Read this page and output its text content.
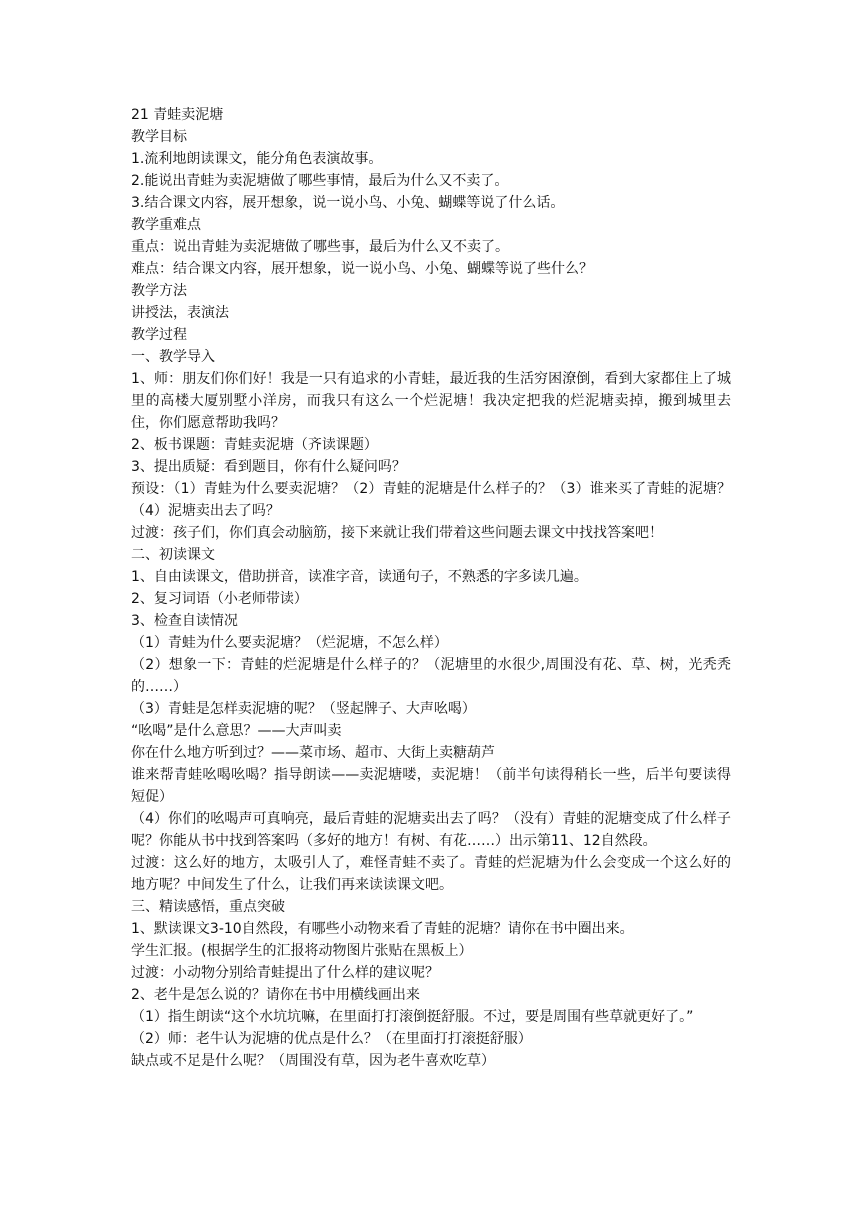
21 青蛙卖泥塘

教学目标

1.流利地朗读课文，能分角色表演故事。

2.能说出青蛙为卖泥塘做了哪些事情，最后为什么又不卖了。

3.结合课文内容，展开想象，说一说小鸟、小兔、蝴蝶等说了什么话。

教学重难点

重点：说出青蛙为卖泥塘做了哪些事，最后为什么又不卖了。

难点：结合课文内容，展开想象，说一说小鸟、小兔、蝴蝶等说了些什么？

教学方法

讲授法，表演法

教学过程

一、教学导入

1、师：朋友们你们好！我是一只有追求的小青蛙，最近我的生活穷困潦倒，看到大家都住上了城里的高楼大厦别墅小洋房，而我只有这么一个烂泥塘！我决定把我的烂泥塘卖掉，搬到城里去住，你们愿意帮助我吗？

2、板书课题：青蛙卖泥塘（齐读课题）

3、提出质疑：看到题目，你有什么疑问吗？

预设：（1）青蛙为什么要卖泥塘？（2）青蛙的泥塘是什么样子的？（3）谁来买了青蛙的泥塘？（4）泥塘卖出去了吗？

过渡：孩子们，你们真会动脑筋，接下来就让我们带着这些问题去课文中找找答案吧！

二、初读课文

1、自由读课文，借助拼音，读准字音，读通句子，不熟悉的字多读几遍。

2、复习词语（小老师带读）

3、检查自读情况

（1）青蛙为什么要卖泥塘？（烂泥塘，不怎么样）

（2）想象一下：青蛙的烂泥塘是什么样子的？（泥塘里的水很少,周围没有花、草、树，光秃秃的……）

（3）青蛙是怎样卖泥塘的呢？（竖起牌子、大声吆喝）

“吆喝”是什么意思？——大声叫卖

你在什么地方听到过？——菜市场、超市、大街上卖糖葫芦

谁来帮青蛙吆喝吆喝？指导朗读——卖泥塘喽，卖泥塘！（前半句读得稍长一些，后半句要读得短促）

（4）你们的吆喝声可真响亮，最后青蛙的泥塘卖出去了吗？（没有）青蛙的泥塘变成了什么样子呢？你能从书中找到答案吗（多好的地方！有树、有花……）出示第11、12自然段。

过渡：这么好的地方，太吸引人了，难怪青蛙不卖了。青蛙的烂泥塘为什么会变成一个这么好的地方呢？中间发生了什么，让我们再来读读课文吧。

三、精读感悟，重点突破

1、默读课文3-10自然段，有哪些小动物来看了青蛙的泥塘？请你在书中圈出来。

学生汇报。(根据学生的汇报将动物图片张贴在黑板上）

过渡：小动物分别给青蛙提出了什么样的建议呢？

2、老牛是怎么说的？请你在书中用横线画出来

（1）指生朗读“这个水坑坑嘛，在里面打打滚倒挺舒服。不过，要是周围有些草就更好了。”

（2）师：老牛认为泥塘的优点是什么？（在里面打打滚挺舒服）

缺点或不足是什么呢？（周围没有草，因为老牛喜欢吃草）
